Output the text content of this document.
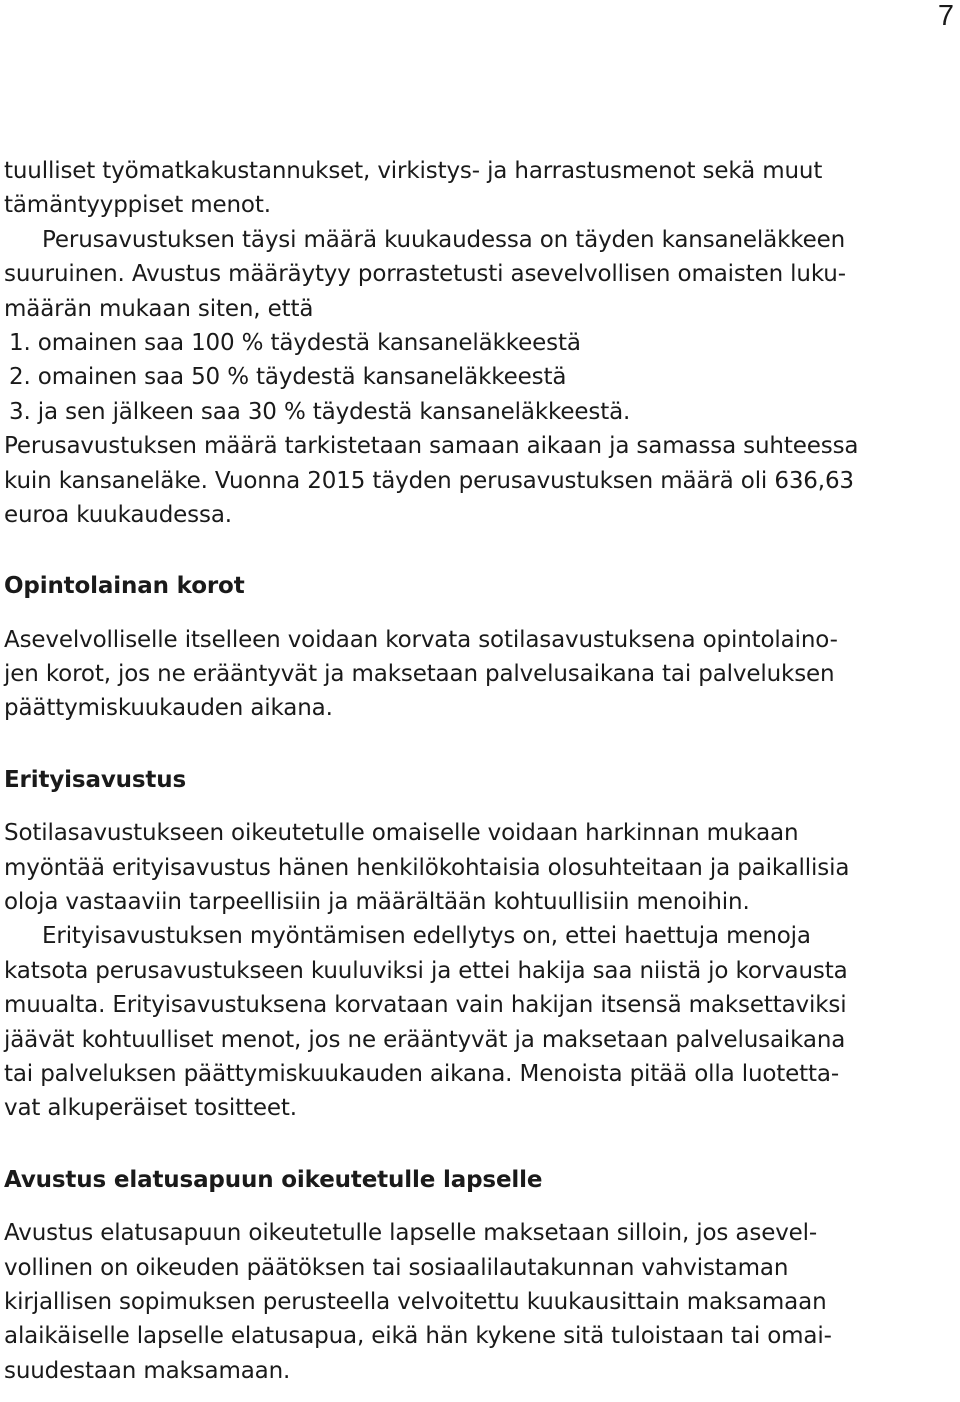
7
tuulliset työmatkakustannukset, virkistys- ja harrastusmenot sekä muut
tämäntyyppiset menot.
Perusavustuksen täysi määrä kuukaudessa on täyden kansaneläkkeen
suuruinen. Avustus määräytyy porrastetusti asevelvollisen omaisten luku-
määrän mukaan siten, että
1. omainen saa 100 % täydestä kansaneläkkeestä
2. omainen saa 50 % täydestä kansaneläkkeestä
3. ja sen jälkeen saa 30 % täydestä kansaneläkkeestä.
Perusavustuksen määrä tarkistetaan samaan aikaan ja samassa suhteessa
kuin kansaneläke. Vuonna 2015 täyden perusavustuksen määrä oli 636,63
euroa kuukaudessa.
Opintolainan korot
Asevelvolliselle itselleen voidaan korvata sotilasavustuksena opintolaino-
jen korot, jos ne erääntyvät ja maksetaan palvelusaikana tai palveluksen
päättymiskuukauden aikana.
Erityisavustus
Sotilasavustukseen oikeutetulle omaiselle voidaan harkinnan mukaan
myöntää erityisavustus hänen henkilökohtaisia olosuhteitaan ja paikallisia
oloja vastaaviin tarpeellisiin ja määrältään kohtuullisiin menoihin.
Erityisavustuksen myöntämisen edellytys on, ettei haettuja menoja
katsota perusavustukseen kuuluviksi ja ettei hakija saa niistä jo korvausta
muualta. Erityisavustuksena korvataan vain hakijan itsensä maksettaviksi
jäävät kohtuulliset menot, jos ne erääntyvät ja maksetaan palvelusaikana
tai palveluksen päättymiskuukauden aikana. Menoista pitää olla luotetta-
vat alkuperäiset tositteet.
Avustus elatusapuun oikeutetulle lapselle
Avustus elatusapuun oikeutetulle lapselle maksetaan silloin, jos asevel-
vollinen on oikeuden päätöksen tai sosiaalilautakunnan vahvistaman
kirjallisen sopimuksen perusteella velvoitettu kuukausittain maksamaan
alaikäiselle lapselle elatusapua, eikä hän kykene sitä tuloistaan tai omai-
suudestaan maksamaan.
